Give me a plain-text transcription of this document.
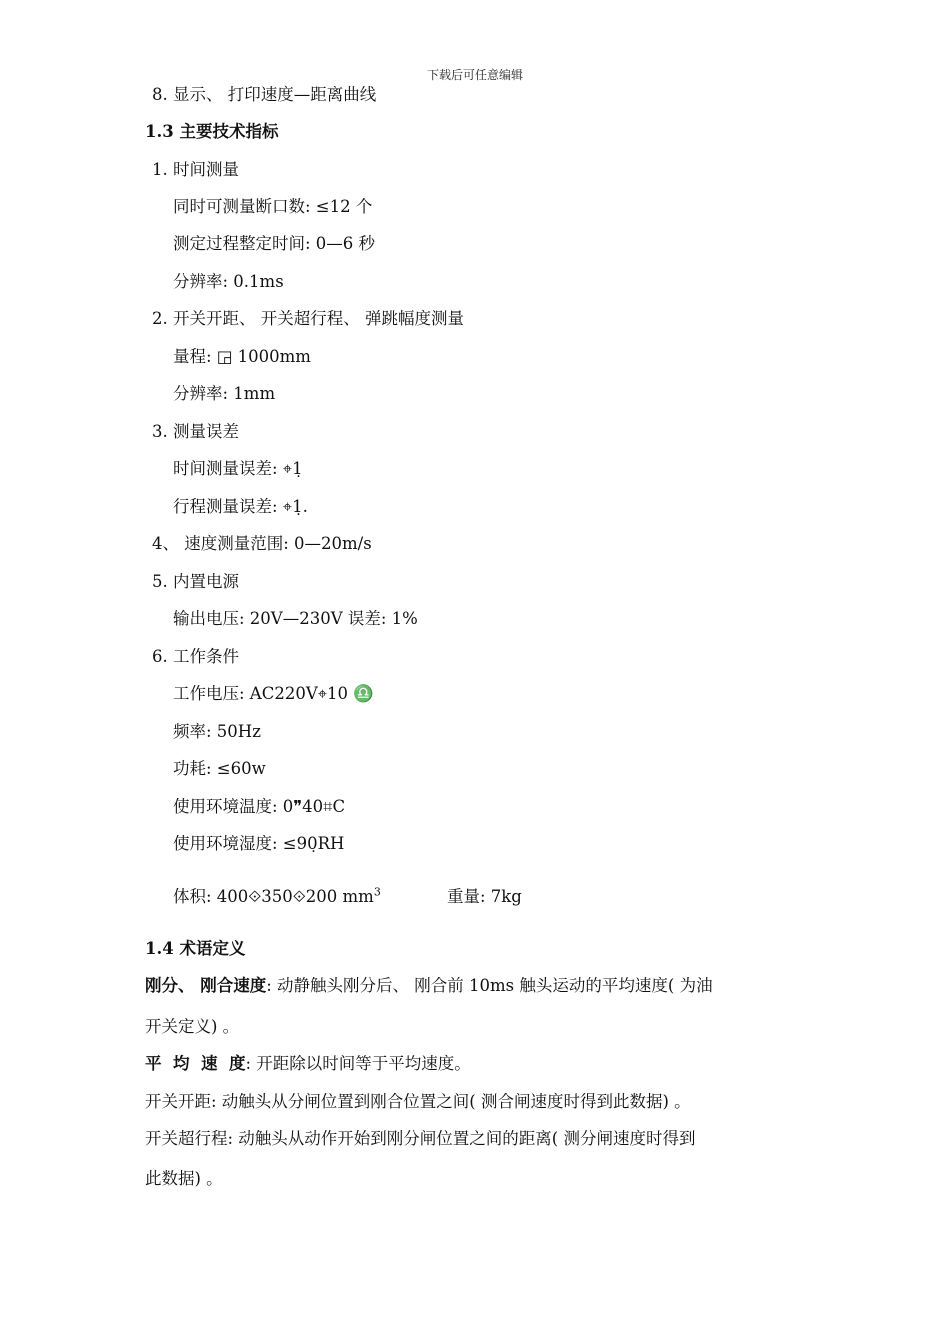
下载后可任意编辑
8. 显示、 打印速度—距离曲线
1.3 主要技术指标
1. 时间测量
同时可测量断口数: ≤12 个
测定过程整定时间: 0—6 秒
分辨率: 0.1ms
2. 开关开距、 开关超行程、 弹跳幅度测量
量程: ◲ 1000mm
分辨率: 1mm
3. 测量误差
时间测量误差: ⌖1̣
行程测量误差: ⌖1̣.
4、 速度测量范围: 0—20m/s
5. 内置电源
输出电压: 20V—230V 误差: 1%
6. 工作条件
工作电压: AC220V⌖10 ♎
频率: 50Hz
功耗: ≤60w
使用环境温度: 0❞40⌗C
使用环境湿度: ≤90̣RH
体积: 400⟐350⟐200 $mm^3$	重量: 7kg
1.4 术语定义
刚分、 刚合速度: 动静触头刚分后、 刚合前 10ms 触头运动的平均速度( 为油
开关定义) 。
平  均  速  度: 开距除以时间等于平均速度。
开关开距: 动触头从分闸位置到刚合位置之间( 测合闸速度时得到此数据) 。
开关超行程: 动触头从动作开始到刚分闸位置之间的距离( 测分闸速度时得到
此数据) 。
